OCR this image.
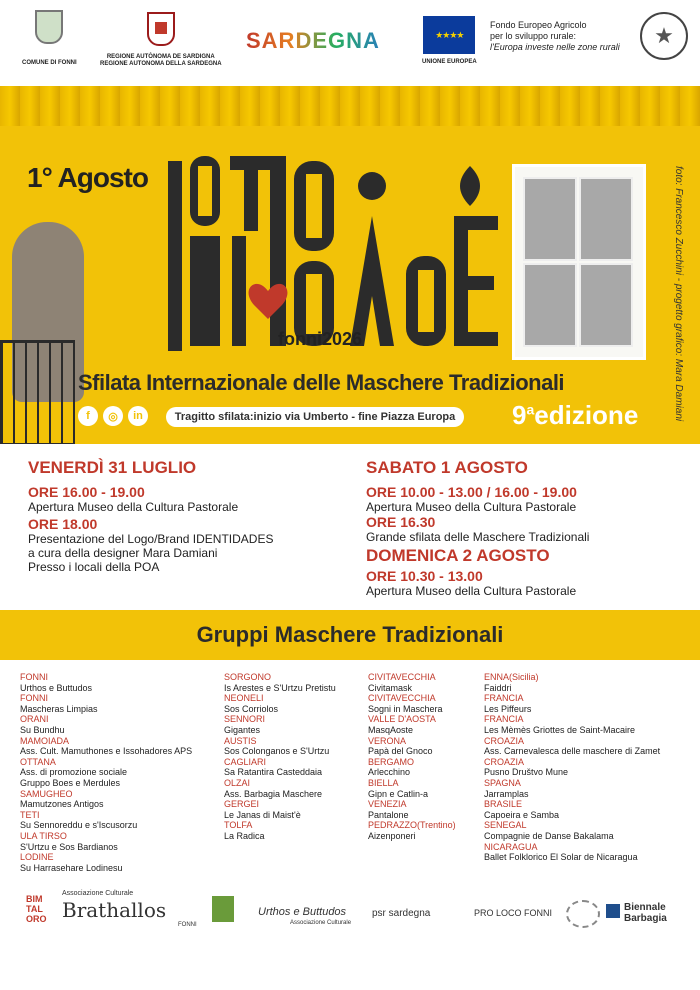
COMUNE DI FONNI
REGIONE AUTÒNOMA DE SARDIGNA
REGIONE AUTONOMA DELLA SARDEGNA
SARDEGNA	★★★★
UNIONE EUROPEA
Fondo Europeo Agricolo
per lo sviluppo rurale:
l'Europa investe nelle zone rurali	★
1° Agosto
fonni2026	foto: Francesco Zucchini - progetto grafico: Mara Damiani
Sfilata Internazionale delle Maschere Tradizionali
f	◎	in	Tragitto sfilata:inizio via Umberto - fine Piazza Europa	9$^a$edizione
VENERDÌ 31 LUGLIO
ORE 16.00 - 19.00
Apertura Museo della Cultura Pastorale
ORE 18.00
Presentazione del Logo/Brand IDENTIDADES
a cura della designer Mara Damiani
Presso i locali della POA
SABATO 1 AGOSTO
ORE 10.00 - 13.00 / 16.00 - 19.00
Apertura Museo della Cultura Pastorale
ORE 16.30
Grande sfilata delle Maschere Tradizionali
DOMENICA 2 AGOSTO
ORE 10.30 - 13.00
Apertura Museo della Cultura Pastorale
Gruppi Maschere Tradizionali
FONNI
Urthos e Buttudos
FONNI
Mascheras Limpias
ORANI
Su Bundhu
MAMOIADA
Ass. Cult. Mamuthones e Issohadores APS
OTTANA
Ass. di promozione sociale
Gruppo Boes e Merdules
SAMUGHEO
Mamutzones Antigos
TETI
Su Sennoreddu e s'Iscusorzu
ULA TIRSO
S'Urtzu e Sos Bardianos
LODINE
Su Harrasehare Lodinesu
SORGONO
Is Arestes e S'Urtzu Pretistu
NEONELI
Sos Corriolos
SENNORI
Gigantes
AUSTIS
Sos Colonganos e S'Urtzu
CAGLIARI
Sa Ratantira Casteddaia
OLZAI
Ass. Barbagia Maschere
GERGEI
Le Janas di Maist'è
TOLFA
La Radica
CIVITAVECCHIA
Civitamask
CIVITAVECCHIA
Sogni in Maschera
VALLE D'AOSTA
MasqAoste
VERONA
Papà del Gnoco
BERGAMO
Arlecchino
BIELLA
Gipn e Catlin-a
VENEZIA
Pantalone
PEDRAZZO(Trentino)
Aizenponeri
ENNA(Sicilia)
Faiddri
FRANCIA
Les Piffeurs
FRANCIA
Les Mèmès Griottes de Saint-Macaire
CROAZIA
Ass. Carnevalesca delle maschere di Zamet
CROAZIA
Pusno Društvo Mune
SPAGNA
Jarramplas
BRASILE
Capoeira e Samba
SENEGAL
Compagnie de Danse Bakalama
NICARAGUA
Ballet Folklorico El Solar de Nicaragua
BIM TAL ORO
Associazione Culturale
Brathallos
FONNI
Urthos e Buttudos
Associazione Culturale
psr sardegna	PRO LOCO FONNI	Biennale
Barbagia
